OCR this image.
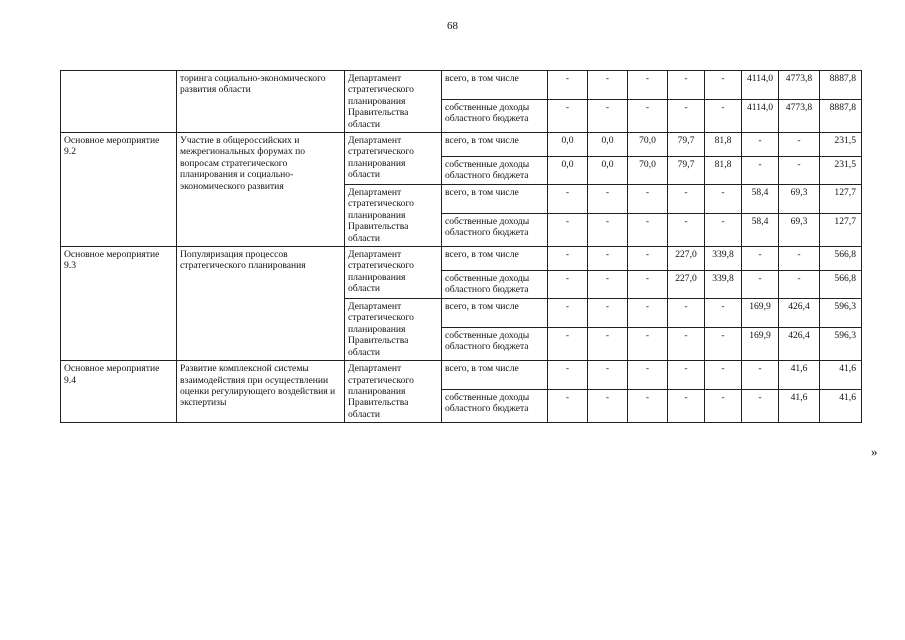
68
	торинга социально-экономического развития области	Департамент стратегического планирования Правительства области	всего, в том числе	-	-	-	-	-	4114,0	4773,8	8887,8
			собственные доходы областного бюджета	-	-	-	-	-	4114,0	4773,8	8887,8
Основное мероприятие 9.2	Участие в общероссийских и межрегиональных форумах по вопросам стратегического планирования и социально-экономического развития	Департамент стратегического планирования области	всего, в том числе	0,0	0,0	70,0	79,7	81,8	-	-	231,5
			собственные доходы областного бюджета	0,0	0,0	70,0	79,7	81,8	-	-	231,5
		Департамент стратегического планирования Правительства области	всего, в том числе	-	-	-	-	-	58,4	69,3	127,7
			собственные доходы областного бюджета	-	-	-	-	-	58,4	69,3	127,7
Основное мероприятие 9.3	Популяризация процессов стратегического планирования	Департамент стратегического планирования области	всего, в том числе	-	-	-	227,0	339,8	-	-	566,8
			собственные доходы областного бюджета	-	-	-	227,0	339,8	-	-	566,8
		Департамент стратегического планирования Правительства области	всего, в том числе	-	-	-	-	-	169,9	426,4	596,3
			собственные доходы областного бюджета	-	-	-	-	-	169,9	426,4	596,3
Основное мероприятие 9.4	Развитие комплексной системы взаимодействия при осуществлении оценки регулирующего воздействия и экспертизы	Департамент стратегического планирования Правительства области	всего, в том числе	-	-	-	-	-	-	41,6	41,6
			собственные доходы областного бюджета	-	-	-	-	-	-	41,6	41,6
»
